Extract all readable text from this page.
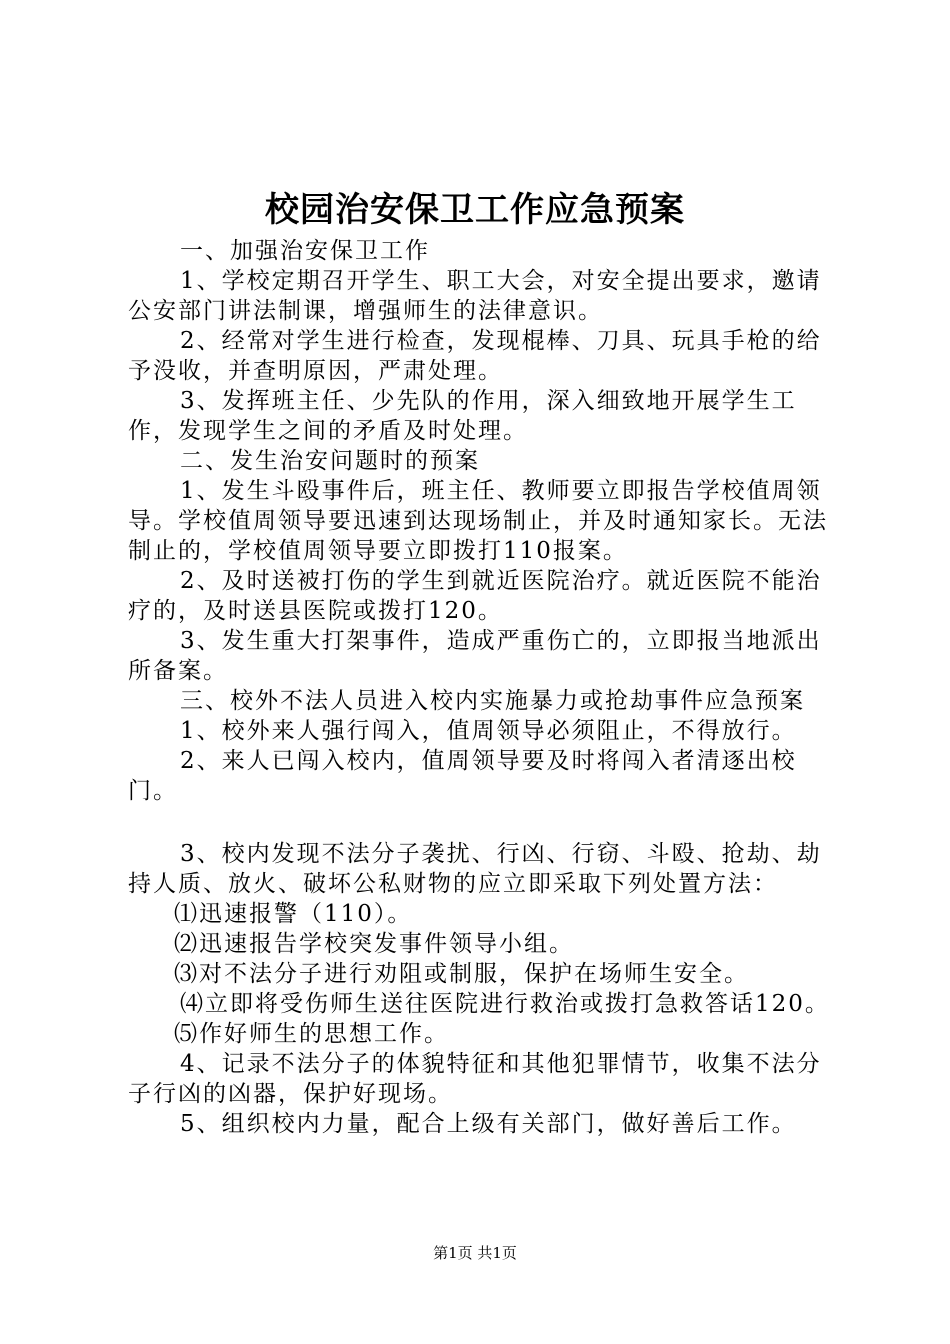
校园治安保卫工作应急预案

一、加强治安保卫工作

1、学校定期召开学生、职工大会，对安全提出要求，邀请公安部门讲法制课，增强师生的法律意识。

2、经常对学生进行检查，发现棍棒、刀具、玩具手枪的给予没收，并查明原因，严肃处理。

3、发挥班主任、少先队的作用，深入细致地开展学生工作，发现学生之间的矛盾及时处理。

二、发生治安问题时的预案

1、发生斗殴事件后，班主任、教师要立即报告学校值周领导。学校值周领导要迅速到达现场制止，并及时通知家长。无法制止的，学校值周领导要立即拨打110报案。

2、及时送被打伤的学生到就近医院治疗。就近医院不能治疗的，及时送县医院或拨打120。

3、发生重大打架事件，造成严重伤亡的，立即报当地派出所备案。

三、校外不法人员进入校内实施暴力或抢劫事件应急预案

1、校外来人强行闯入，值周领导必须阻止，不得放行。

2、来人已闯入校内，值周领导要及时将闯入者清逐出校门。

3、校内发现不法分子袭扰、行凶、行窃、斗殴、抢劫、劫持人质、放火、破坏公私财物的应立即采取下列处置方法：

⑴迅速报警（110）。

⑵迅速报告学校突发事件领导小组。

⑶对不法分子进行劝阻或制服，保护在场师生安全。

⑷立即将受伤师生送往医院进行救治或拨打急救答话120。

⑸作好师生的思想工作。

4、记录不法分子的体貌特征和其他犯罪情节，收集不法分子行凶的凶器，保护好现场。

5、组织校内力量，配合上级有关部门，做好善后工作。

第1页 共1页
